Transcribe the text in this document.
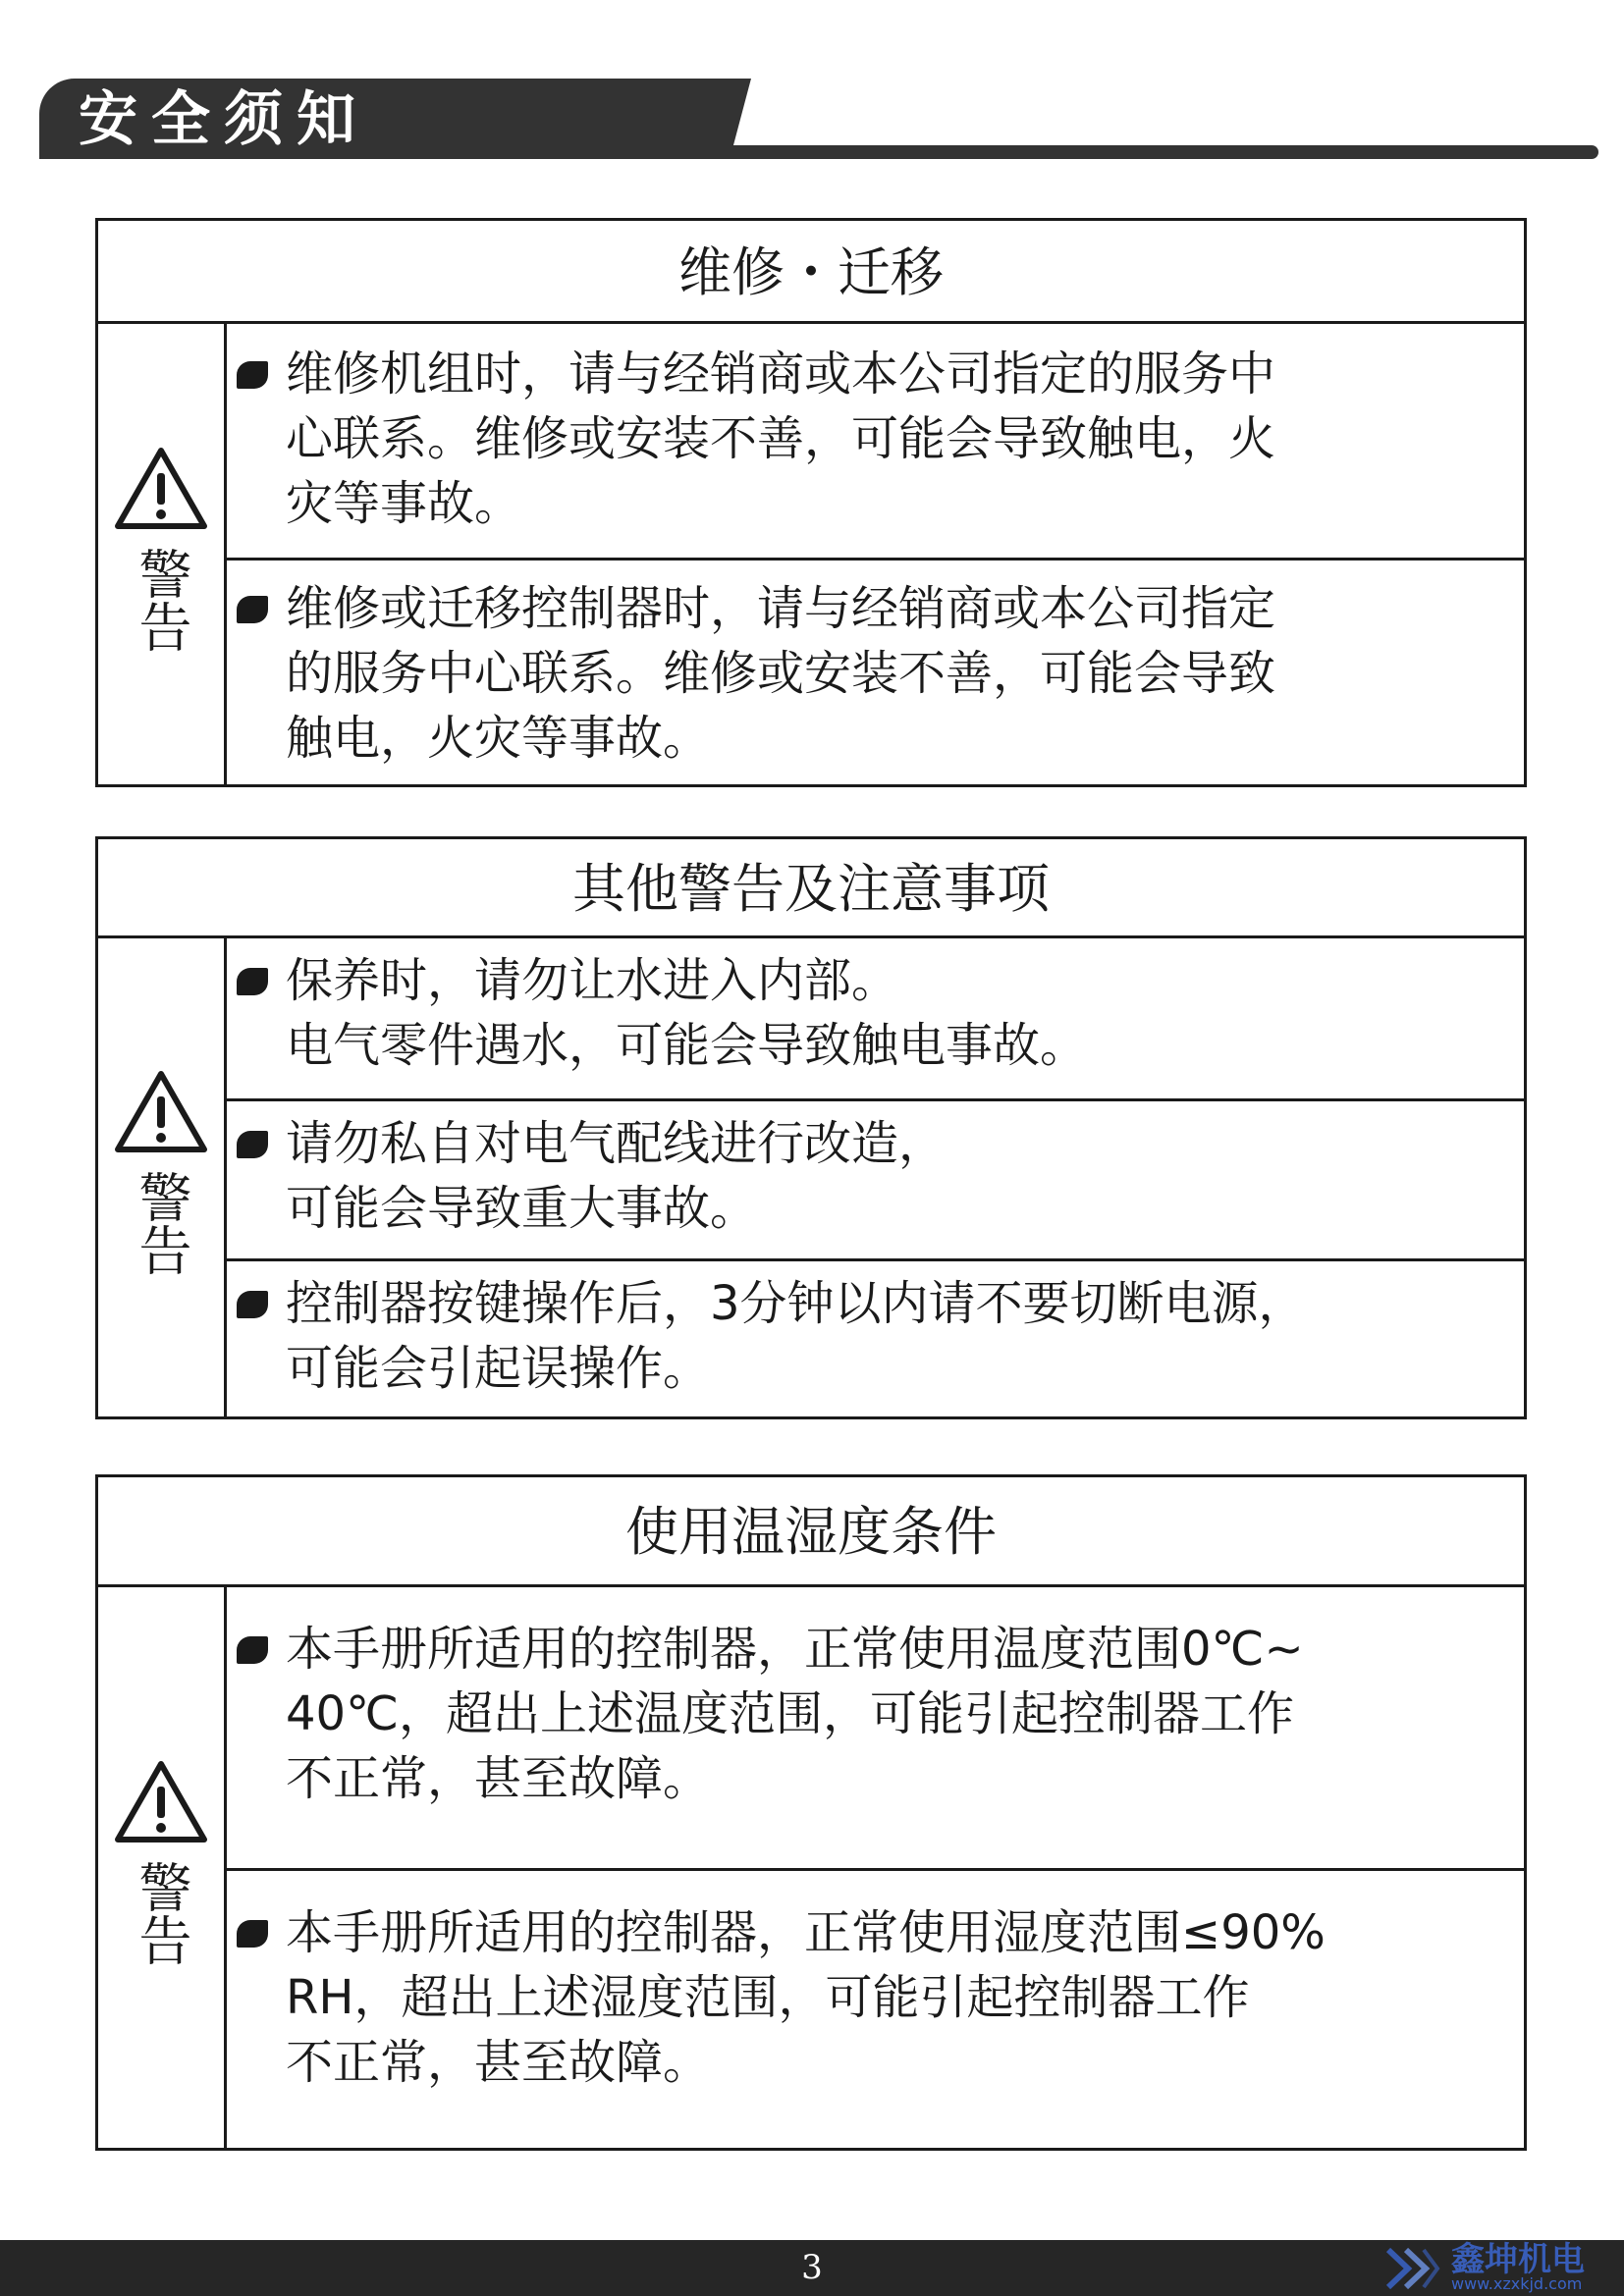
安全须知
维修・迁移
警告
维修机组时，请与经销商或本公司指定的服务中
心联系。维修或安装不善，可能会导致触电，火
灾等事故。
维修或迁移控制器时，请与经销商或本公司指定
的服务中心联系。维修或安装不善，可能会导致
触电，火灾等事故。
其他警告及注意事项
警告
保养时，请勿让水进入内部。
电气零件遇水，可能会导致触电事故。
请勿私自对电气配线进行改造，
可能会导致重大事故。
控制器按键操作后，3分钟以内请不要切断电源，
可能会引起误操作。
使用温湿度条件
警告
本手册所适用的控制器，正常使用温度范围0℃~
40℃，超出上述温度范围，可能引起控制器工作
不正常，甚至故障。
本手册所适用的控制器，正常使用湿度范围≤90%
RH，超出上述湿度范围，可能引起控制器工作
不正常，甚至故障。
3	鑫坤机电
www.xzxkjd.com
